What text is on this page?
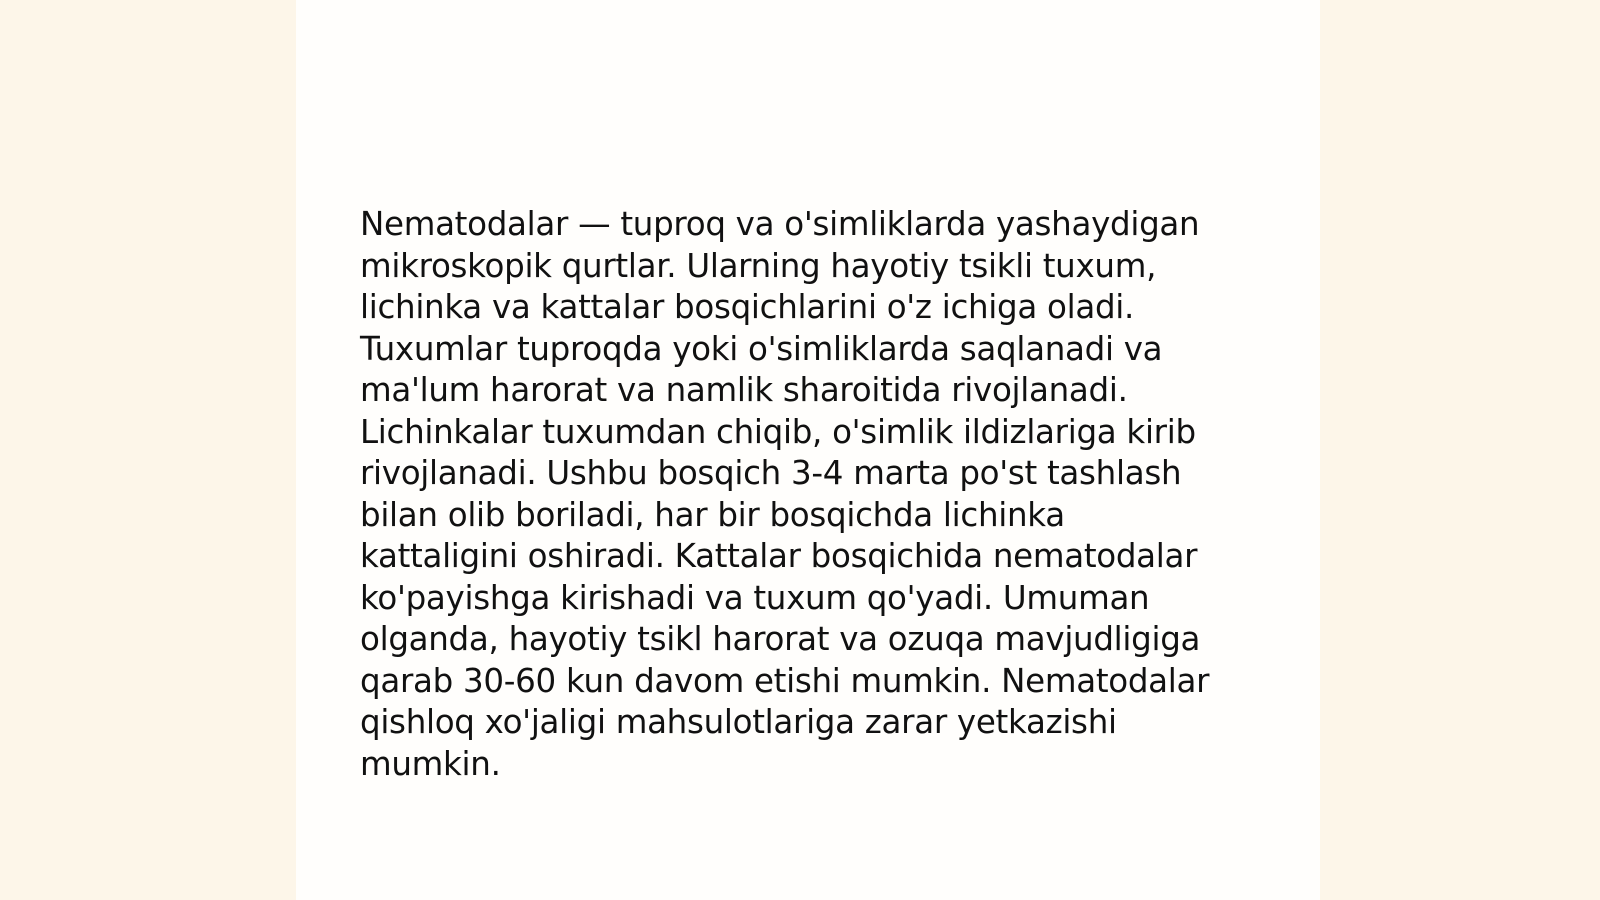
Nematodalar — tuproq va o'simliklarda yashaydigan
mikroskopik qurtlar. Ularning hayotiy tsikli tuxum,
lichinka va kattalar bosqichlarini o'z ichiga oladi.
Tuxumlar tuproqda yoki o'simliklarda saqlanadi va
ma'lum harorat va namlik sharoitida rivojlanadi.
Lichinkalar tuxumdan chiqib, o'simlik ildizlariga kirib
rivojlanadi. Ushbu bosqich 3-4 marta po'st tashlash
bilan olib boriladi, har bir bosqichda lichinka
kattaligini oshiradi. Kattalar bosqichida nematodalar
ko'payishga kirishadi va tuxum qo'yadi. Umuman
olganda, hayotiy tsikl harorat va ozuqa mavjudligiga
qarab 30-60 kun davom etishi mumkin. Nematodalar
qishloq xo'jaligi mahsulotlariga zarar yetkazishi
mumkin.
